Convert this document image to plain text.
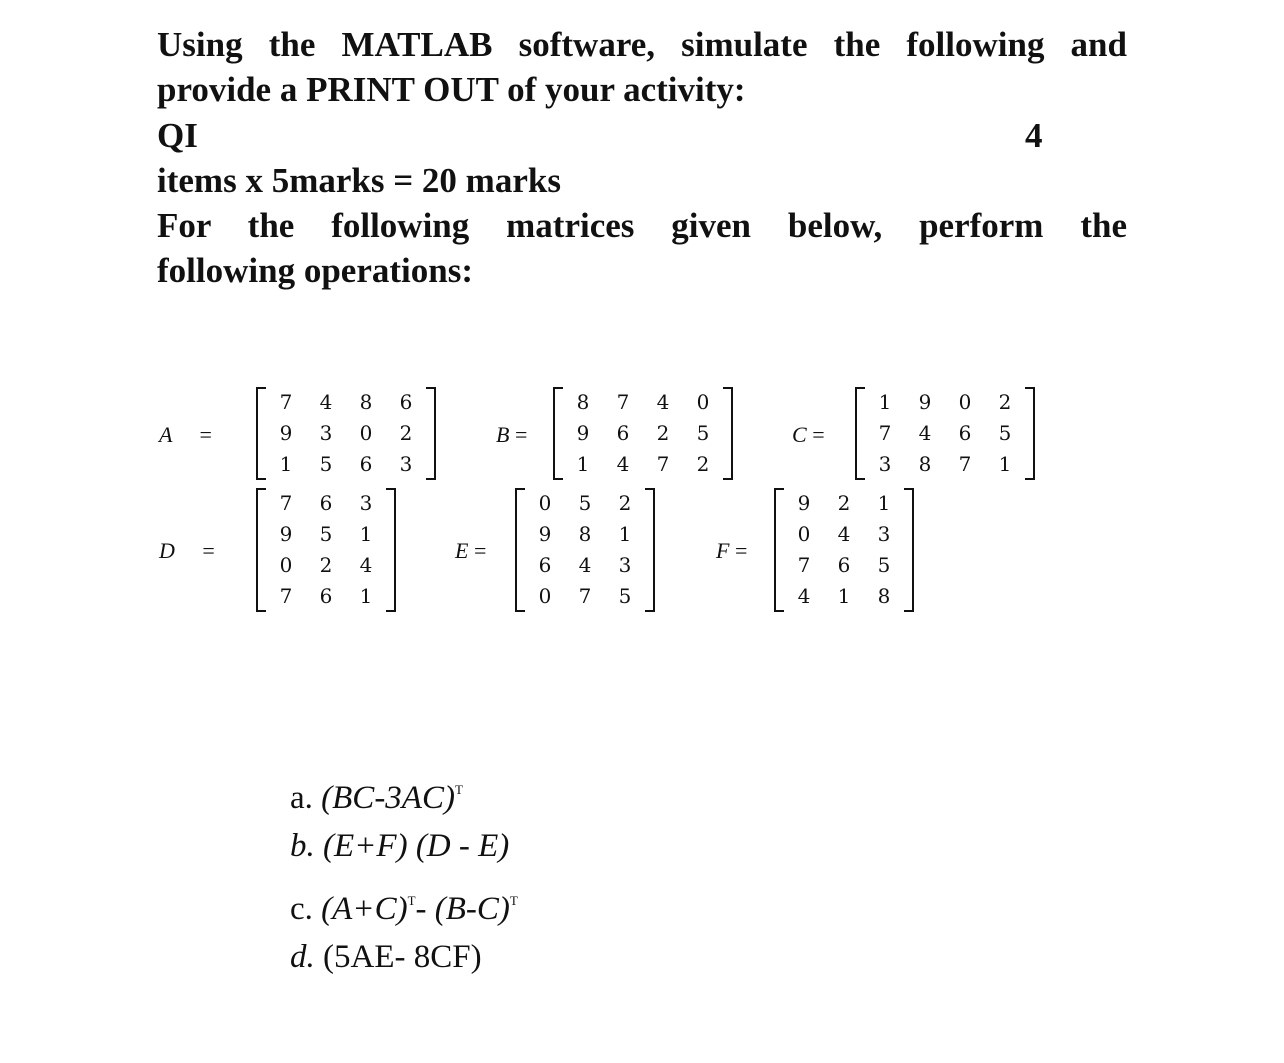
Using the MATLAB software, simulate the following and
provide a PRINT OUT of your activity:
QI	4
items x 5marks = 20 marks
For the following matrices given below, perform the
following operations:
A =	B =	C =
D =	E =	F =
7	4	8	6
9	3	0	2
1	5	6	3
8	7	4	0
9	6	2	5
1	4	7	2
1	9	0	2
7	4	6	5
3	8	7	1
7	6	3
9	5	1
0	2	4
7	6	1
0	5	2
9	8	1
6	4	3
0	7	5
9	2	1
0	4	3
7	6	5
4	1	8
a. $(BC-3AC)^T$
b. (E+F) (D - E)
c. $(A+C)^T-$ $(B-C)^T$
d. (5AE- 8CF)
